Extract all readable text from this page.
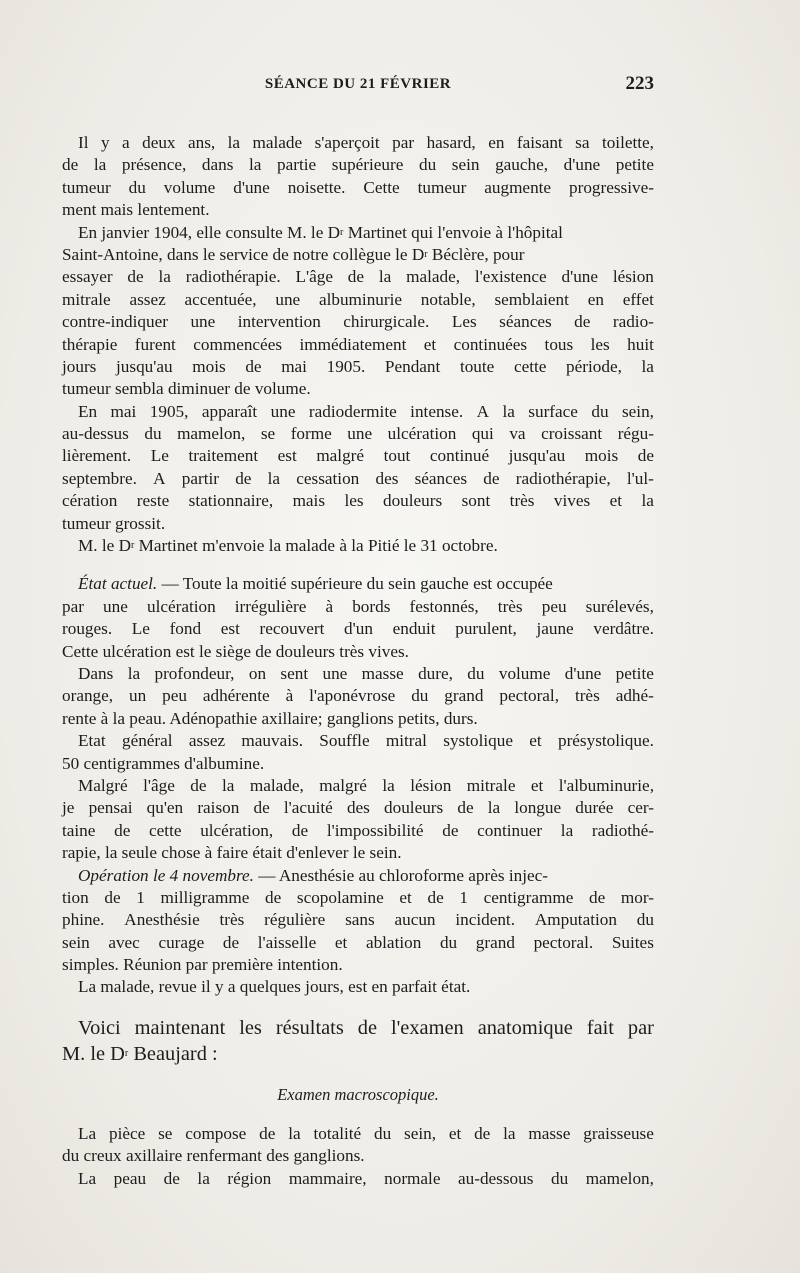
SÉANCE DU 21 FÉVRIER	223
Il y a deux ans, la malade s'aperçoit par hasard, en faisant sa toilette,
de la présence, dans la partie supérieure du sein gauche, d'une petite
tumeur du volume d'une noisette. Cette tumeur augmente progressive-
ment mais lentement.
En janvier 1904, elle consulte M. le D r Martinet qui l'envoie à l'hôpital
Saint-Antoine, dans le service de notre collègue le D r Béclère, pour
essayer de la radiothérapie. L'âge de la malade, l'existence d'une lésion
mitrale assez accentuée, une albuminurie notable, semblaient en effet
contre-indiquer une intervention chirurgicale. Les séances de radio-
thérapie furent commencées immédiatement et continuées tous les huit
jours jusqu'au mois de mai 1905. Pendant toute cette période, la
tumeur sembla diminuer de volume.
En mai 1905, apparaît une radiodermite intense. A la surface du sein,
au-dessus du mamelon, se forme une ulcération qui va croissant régu-
lièrement. Le traitement est malgré tout continué jusqu'au mois de
septembre. A partir de la cessation des séances de radiothérapie, l'ul-
cération reste stationnaire, mais les douleurs sont très vives et la
tumeur grossit.
M. le D r Martinet m'envoie la malade à la Pitié le 31 octobre.
État actuel. — Toute la moitié supérieure du sein gauche est occupée
par une ulcération irrégulière à bords festonnés, très peu surélevés,
rouges. Le fond est recouvert d'un enduit purulent, jaune verdâtre.
Cette ulcération est le siège de douleurs très vives.
Dans la profondeur, on sent une masse dure, du volume d'une petite
orange, un peu adhérente à l'aponévrose du grand pectoral, très adhé-
rente à la peau. Adénopathie axillaire; ganglions petits, durs.
Etat général assez mauvais. Souffle mitral systolique et présystolique.
50 centigrammes d'albumine.
Malgré l'âge de la malade, malgré la lésion mitrale et l'albuminurie,
je pensai qu'en raison de l'acuité des douleurs de la longue durée cer-
taine de cette ulcération, de l'impossibilité de continuer la radiothé-
rapie, la seule chose à faire était d'enlever le sein.
Opération le 4 novembre. — Anesthésie au chloroforme après injec-
tion de 1 milligramme de scopolamine et de 1 centigramme de mor-
phine. Anesthésie très régulière sans aucun incident. Amputation du
sein avec curage de l'aisselle et ablation du grand pectoral. Suites
simples. Réunion par première intention.
La malade, revue il y a quelques jours, est en parfait état.
Voici maintenant les résultats de l'examen anatomique fait par
M. le D r Beaujard :
Examen macroscopique.
La pièce se compose de la totalité du sein, et de la masse graisseuse
du creux axillaire renfermant des ganglions.
La peau de la région mammaire, normale au-dessous du mamelon,
